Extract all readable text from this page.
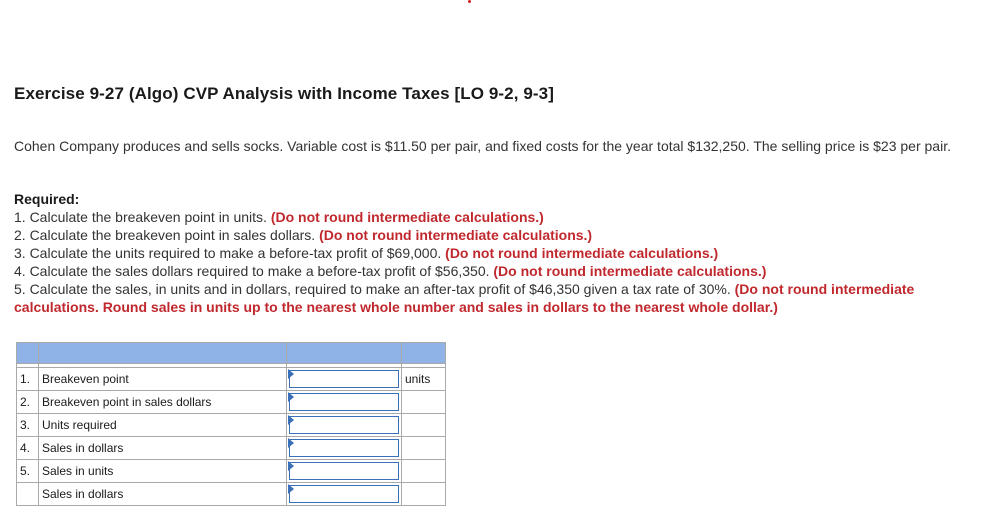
Exercise 9-27 (Algo) CVP Analysis with Income Taxes [LO 9-2, 9-3]
Cohen Company produces and sells socks. Variable cost is $11.50 per pair, and fixed costs for the year total $132,250. The selling price is $23 per pair.
Required:
1. Calculate the breakeven point in units. (Do not round intermediate calculations.)
2. Calculate the breakeven point in sales dollars. (Do not round intermediate calculations.)
3. Calculate the units required to make a before-tax profit of $69,000. (Do not round intermediate calculations.)
4. Calculate the sales dollars required to make a before-tax profit of $56,350. (Do not round intermediate calculations.)
5. Calculate the sales, in units and in dollars, required to make an after-tax profit of $46,350 given a tax rate of 30%. (Do not round intermediate calculations. Round sales in units up to the nearest whole number and sales in dollars to the nearest whole dollar.)

1.	Breakeven point		units
2.	Breakeven point in sales dollars	

3.	Units required	

4.	Sales in dollars	

5.	Sales in units	

	Sales in dollars	
